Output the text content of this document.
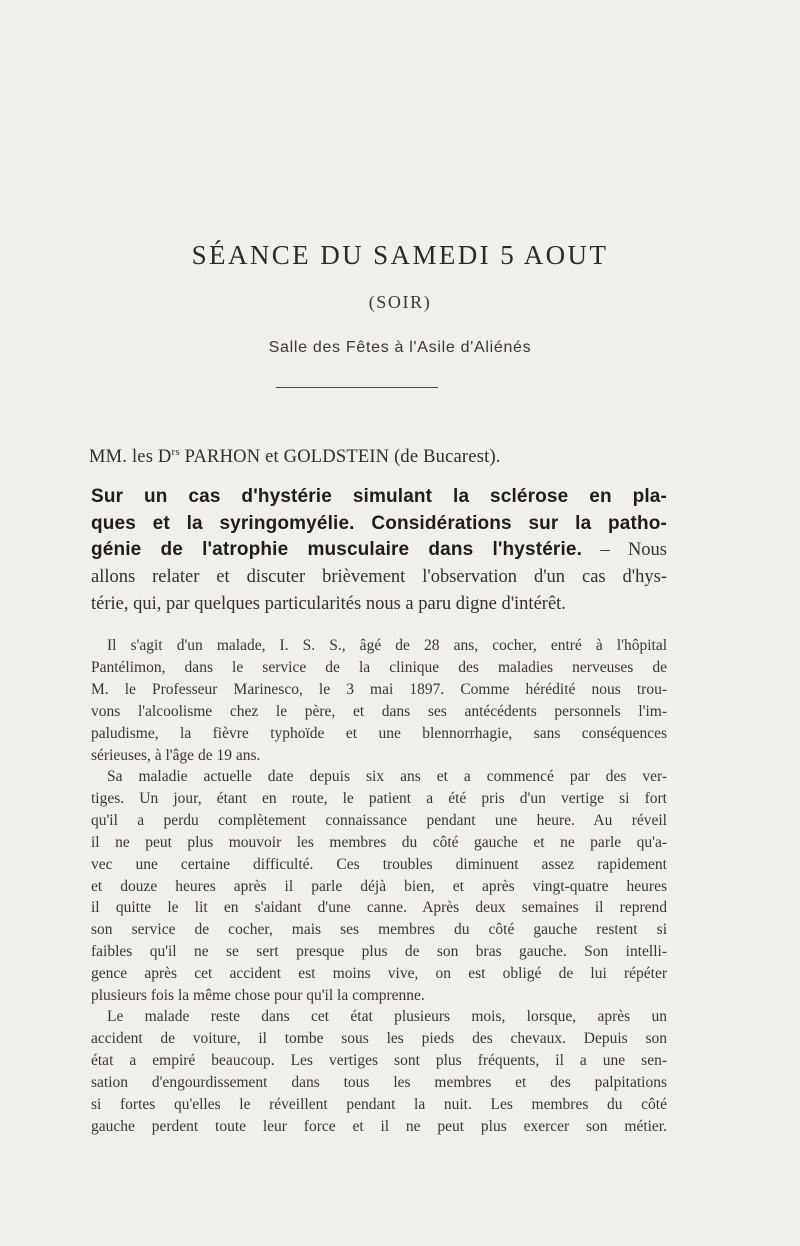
SÉANCE DU SAMEDI 5 AOUT
(SOIR)
Salle des Fêtes à l'Asile d'Aliénés
MM. les $D^{rs}$ PARHON et GOLDSTEIN (de Bucarest).
Sur un cas d'hystérie simulant la sclérose en pla-
ques et la syringomyélie. Considérations sur la patho-
génie de l'atrophie musculaire dans l'hystérie. – Nous
allons relater et discuter brièvement l'observation d'un cas d'hys-
térie, qui, par quelques particularités nous a paru digne d'intérêt.
Il s'agit d'un malade, I. S. S., âgé de 28 ans, cocher, entré à l'hôpital
Pantélimon, dans le service de la clinique des maladies nerveuses de
M. le Professeur Marinesco, le 3 mai 1897. Comme hérédité nous trou-
vons l'alcoolisme chez le père, et dans ses antécédents personnels l'im-
paludisme, la fièvre typhoïde et une blennorrhagie, sans conséquences
sérieuses, à l'âge de 19 ans.
Sa maladie actuelle date depuis six ans et a commencé par des ver-
tiges. Un jour, étant en route, le patient a été pris d'un vertige si fort
qu'il a perdu complètement connaissance pendant une heure. Au réveil
il ne peut plus mouvoir les membres du côté gauche et ne parle qu'a-
vec une certaine difficulté. Ces troubles diminuent assez rapidement
et douze heures après il parle déjà bien, et après vingt-quatre heures
il quitte le lit en s'aidant d'une canne. Après deux semaines il reprend
son service de cocher, mais ses membres du côté gauche restent si
faibles qu'il ne se sert presque plus de son bras gauche. Son intelli-
gence après cet accident est moins vive, on est obligé de lui répéter
plusieurs fois la même chose pour qu'il la comprenne.
Le malade reste dans cet état plusieurs mois, lorsque, après un
accident de voiture, il tombe sous les pieds des chevaux. Depuis son
état a empiré beaucoup. Les vertiges sont plus fréquents, il a une sen-
sation d'engourdissement dans tous les membres et des palpitations
si fortes qu'elles le réveillent pendant la nuit. Les membres du côté
gauche perdent toute leur force et il ne peut plus exercer son métier.
